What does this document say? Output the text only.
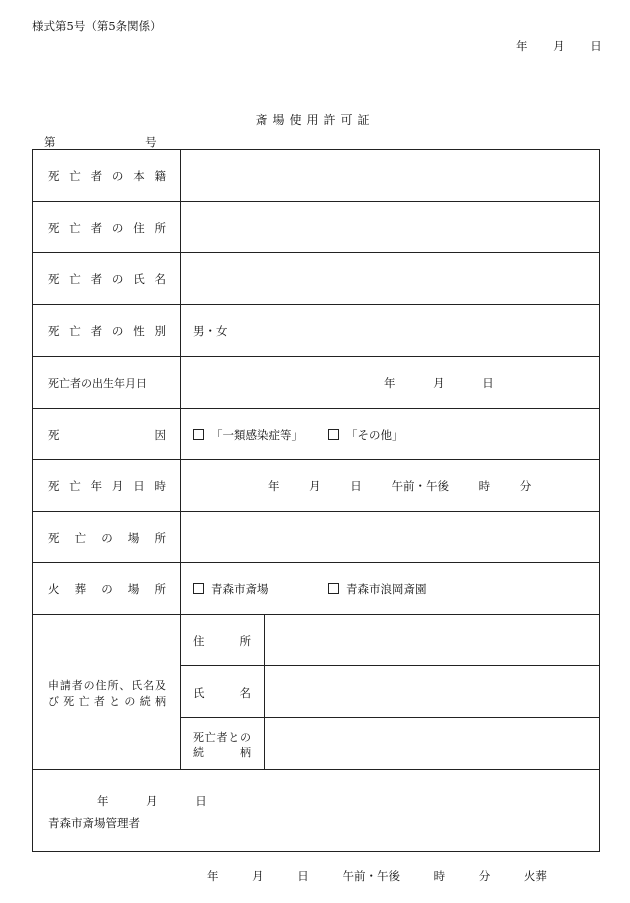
様式第5号（第5条関係）
年 月 日
斎場使用許可証
第 号
死亡者の本籍
死亡者の住所
死亡者の氏名
死亡者の性別
死亡者の出生年月日
死 因
死亡年月日時
死亡の場所
火葬の場所
男・女
年 月 日
「一類感染症等」	「その他」
年 月 日 午前・午後 時 分
青森市斎場	青森市浪岡斎園
申請者の住所、氏名及
び死亡者との続柄
住 所
氏 名
死亡者との
続 柄
年 月 日
青森市斎場管理者
年 月 日 午前・午後 時 分 火葬
